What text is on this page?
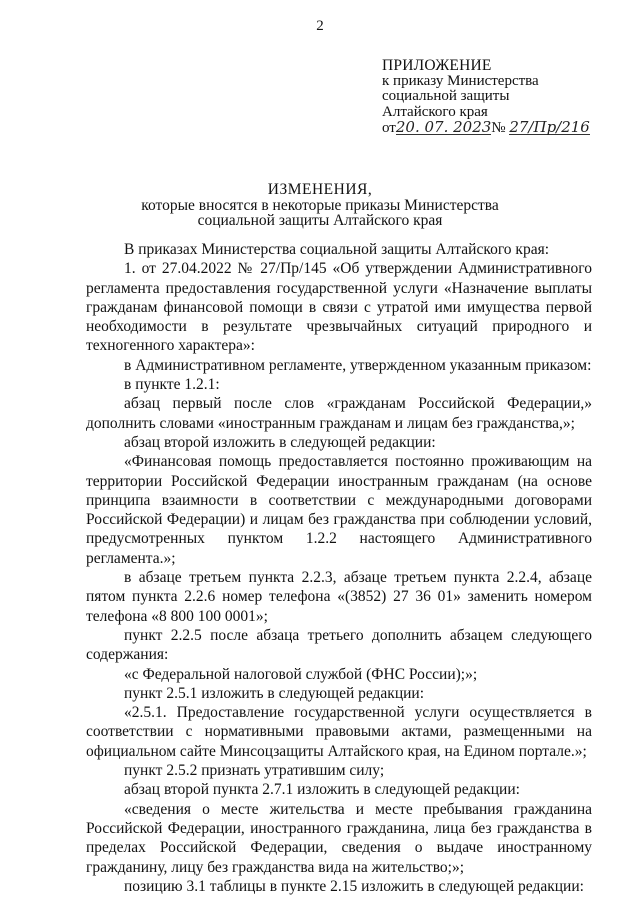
2
ПРИЛОЖЕНИЕ
к приказу Министерства
социальной защиты
Алтайского края
от20. 07. 2023№ 27/Пр/216
ИЗМЕНЕНИЯ,
которые вносятся в некоторые приказы Министерства
социальной защиты Алтайского края

В приказах Министерства социальной защиты Алтайского края:

1. от 27.04.2022 № 27/Пр/145 «Об утверждении Административного регламента предоставления государственной услуги «Назначение выплаты гражданам финансовой помощи в связи с утратой ими имущества первой необходимости в результате чрезвычайных ситуаций природного и техногенного характера»:

в Административном регламенте, утвержденном указанным приказом:

в пункте 1.2.1:

абзац первый после слов «гражданам Российской Федерации,» дополнить словами «иностранным гражданам и лицам без гражданства,»;

абзац второй изложить в следующей редакции:

«Финансовая помощь предоставляется постоянно проживающим на территории Российской Федерации иностранным гражданам (на основе принципа взаимности в соответствии с международными договорами Российской Федерации) и лицам без гражданства при соблюдении условий, предусмотренных пунктом 1.2.2 настоящего Административного регламента.»;

в абзаце третьем пункта 2.2.3, абзаце третьем пункта 2.2.4, абзаце пятом пункта 2.2.6 номер телефона «(3852) 27 36 01» заменить номером телефона «8 800 100 0001»;

пункт 2.2.5 после абзаца третьего дополнить абзацем следующего содержания:

«с Федеральной налоговой службой (ФНС России);»;

пункт 2.5.1 изложить в следующей редакции:

«2.5.1. Предоставление государственной услуги осуществляется в соответствии с нормативными правовыми актами, размещенными на официальном сайте Минсоцзащиты Алтайского края, на Едином портале.»;

пункт 2.5.2 признать утратившим силу;

абзац второй пункта 2.7.1 изложить в следующей редакции:

«сведения о месте жительства и месте пребывания гражданина Российской Федерации, иностранного гражданина, лица без гражданства в пределах Российской Федерации, сведения о выдаче иностранному гражданину, лицу без гражданства вида на жительство;»;

позицию 3.1 таблицы в пункте 2.15 изложить в следующей редакции:
